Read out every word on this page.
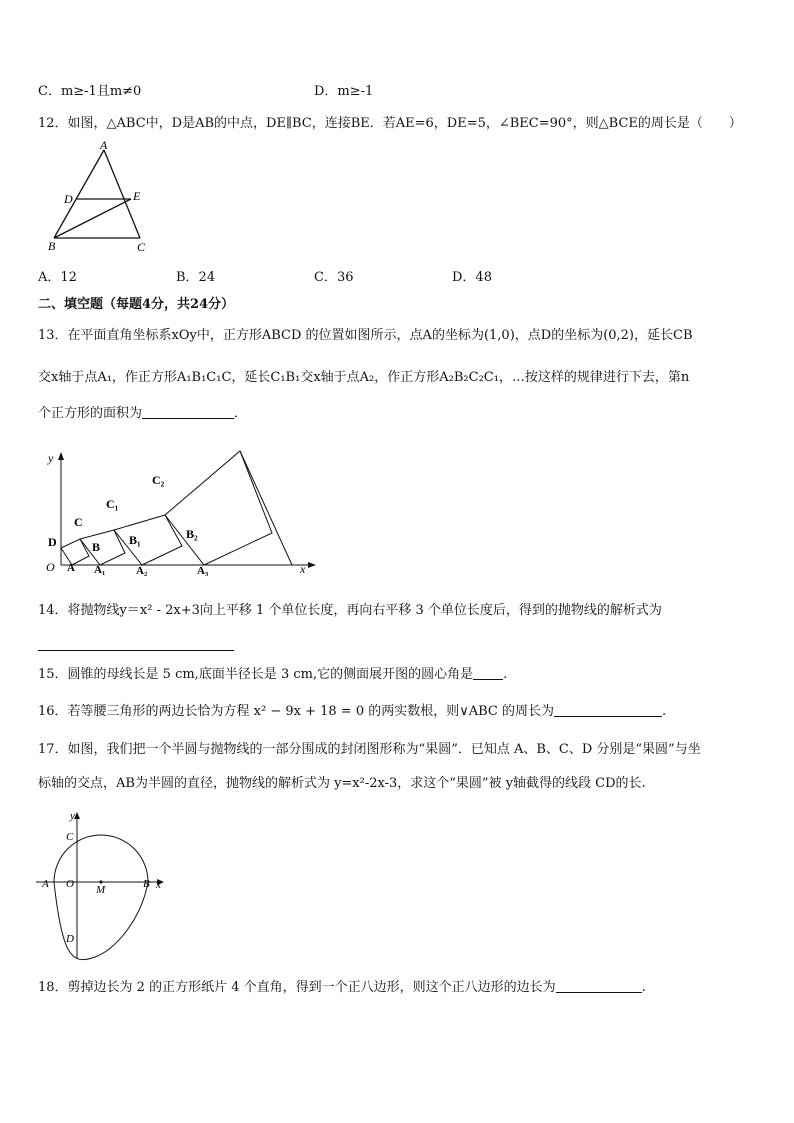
C．m≥-1且m≠0	D．m≥-1
12．如图，△ABC中，D是AB的中点，DE∥BC，连接BE．若AE=6，DE=5，∠BEC=90°，则△BCE的周长是（　　）
A
D	E
B	C
A．12	B．24	C．36	D．48
二、填空题（每题4分，共24分）
13．在平面直角坐标系xOy中，正方形ABCD 的位置如图所示，点A的坐标为(1,0)，点D的坐标为(0,2)，延长CB
交x轴于点A₁，作正方形A₁B₁C₁C，延长C₁B₁交x轴于点A₂，作正方形A₂B₂C₂C₁，…按这样的规律进行下去，第n
个正方形的面积为	．
D
O A
C
B
A₁
C₁
B₁
A₂
C₂
B₂
A₃
y
x
14．将抛物线y＝x² - 2x+3向上平移 1 个单位长度，再向右平移 3 个单位长度后，得到的抛物线的解析式为
15．圆锥的母线长是 5 cm,底面半径长是 3 cm,它的侧面展开图的圆心角是 .
16．若等腰三角形的两边长恰为方程 x² − 9x + 18 = 0 的两实数根，则∨ABC 的周长为	.
17．如图，我们把一个半圆与抛物线的一部分围成的封闭图形称为“果圆”．已知点 A、B、C、D 分别是“果圆”与坐
标轴的交点，AB为半圆的直径，抛物线的解析式为 y=x²-2x-3，求这个“果圆”被 y轴截得的线段 CD的长.
y
C
A O M	B x
D
18．剪掉边长为 2 的正方形纸片 4 个直角，得到一个正八边形，则这个正八边形的边长为	.
